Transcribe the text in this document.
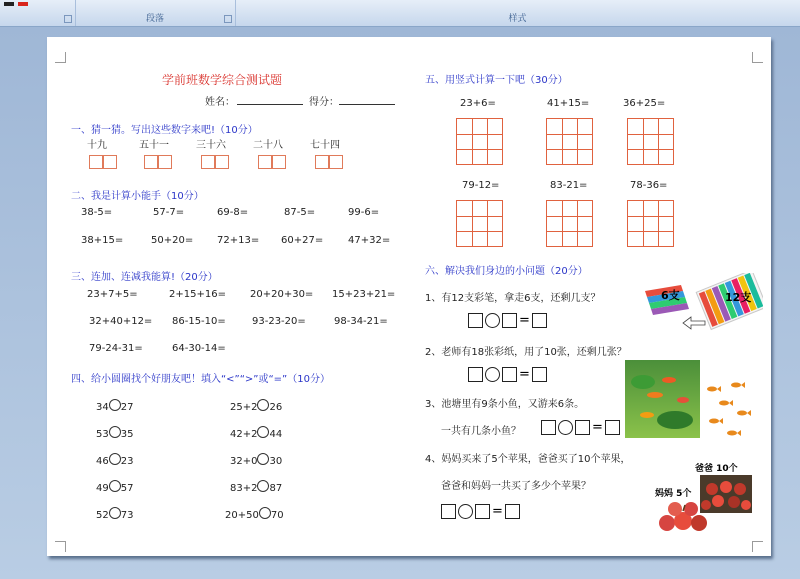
段落	样式
学前班数学综合测试题
姓名：	得分：
一、猜一猜。写出这些数字来吧!（10分）
十九	五十一	三十六	二十八	七十四
二、我是计算小能手（10分）
38-5=	57-7=	69-8=	87-5=	99-6=
38+15=	50+20= 72+13= 60+27= 47+32=
三、连加、连减我能算!（20分）
23+7+5=	2+15+16= 20+20+30= 15+23+21=
32+40+12= 86-15-10=	93-23-20=	98-34-21=
79-24-31=	64-30-14=
四、给小圆圈找个好朋友吧！填入“<”“>”或“=”（10分）
34 27
53 35
46 23
49 57
52 73
25+2 26
42+2 44
32+0 30
83+2 87
20+50 70
五、用竖式计算一下吧（30分）
23+6=	41+15=	36+25=
79-12=	83-21=	78-36=
六、解决我们身边的小问题（20分）
1、有12支彩笔，拿走6支，还剩几支？
=
2、老师有18张彩纸，用了10张，还剩几张？
=
3、池塘里有9条小鱼，又游来6条。
一共有几条小鱼？	=
4、妈妈买来了5个苹果，爸爸买了10个苹果，
爸爸和妈妈一共买了多少个苹果？
=
6支	12支
爸爸 10个
妈妈 5个
